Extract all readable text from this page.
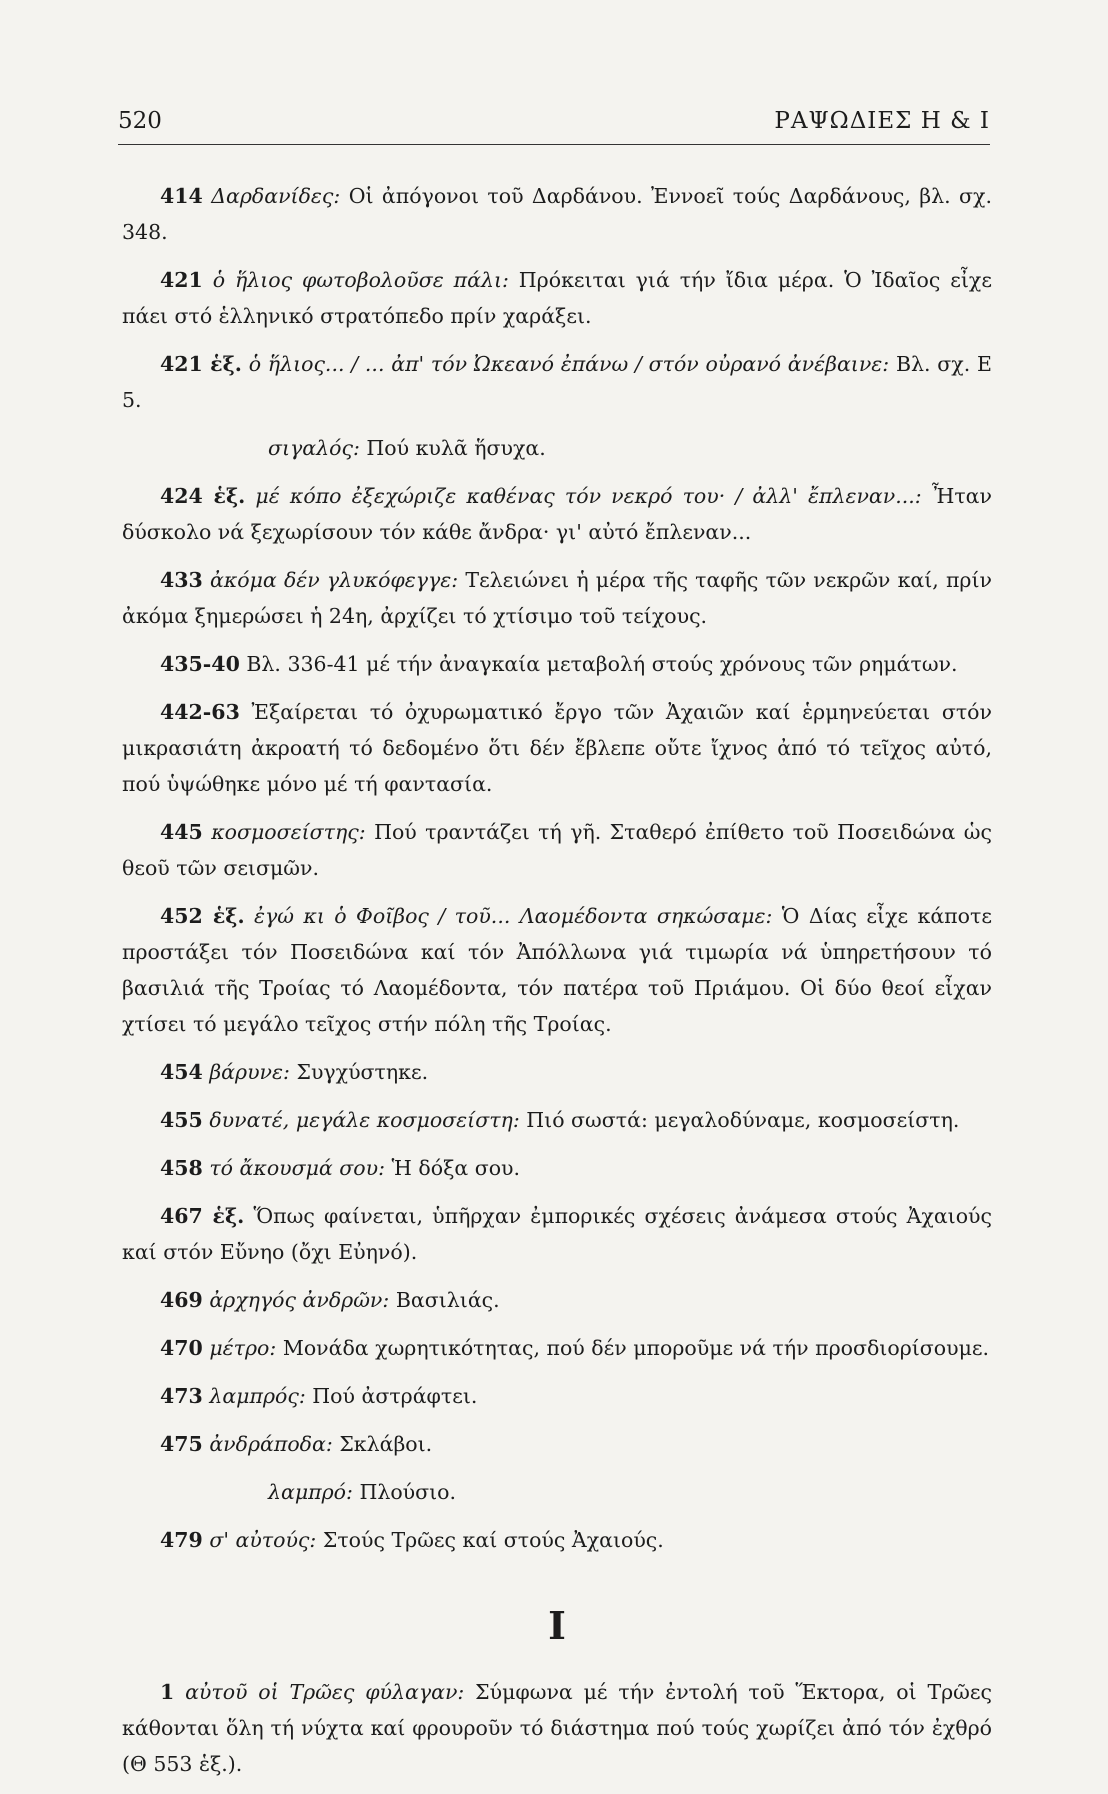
520	ΡΑΨΩΔΙΕΣ Η & Ι

414 Δαρδανίδες: Οἱ ἀπόγονοι τοῦ Δαρδάνου. Ἐννοεῖ τούς Δαρδάνους, βλ. σχ. 348.

421 ὁ ἥλιος φωτοβολοῦσε πάλι: Πρόκειται γιά τήν ἴδια μέρα. Ὁ Ἰδαῖος εἶχε πάει στό ἑλληνικό στρατόπεδο πρίν χαράξει.

421 ἑξ. ὁ ἥλιος... / ... ἀπ' τόν Ὠκεανό ἐπάνω / στόν οὐρανό ἀνέβαινε: Βλ. σχ. Ε 5.

σιγαλός: Πού κυλᾶ ἥσυχα.

424 ἑξ. μέ κόπο ἐξεχώριζε καθένας τόν νεκρό του· / ἀλλ' ἔπλεναν...: Ἦταν δύσκολο νά ξεχωρίσουν τόν κάθε ἄνδρα· γι' αὐτό ἔπλεναν...

433 ἀκόμα δέν γλυκόφεγγε: Τελειώνει ἡ μέρα τῆς ταφῆς τῶν νεκρῶν καί, πρίν ἀκόμα ξημερώσει ἡ 24η, ἀρχίζει τό χτίσιμο τοῦ τείχους.

435-40 Βλ. 336-41 μέ τήν ἀναγκαία μεταβολή στούς χρόνους τῶν ρημάτων.

442-63 Ἐξαίρεται τό ὀχυρωματικό ἔργο τῶν Ἀχαιῶν καί ἑρμηνεύεται στόν μικρασιάτη ἀκροατή τό δεδομένο ὅτι δέν ἔβλεπε οὔτε ἴχνος ἀπό τό τεῖχος αὐτό, πού ὑψώθηκε μόνο μέ τή φαντασία.

445 κοσμοσείστης: Πού τραντάζει τή γῆ. Σταθερό ἐπίθετο τοῦ Ποσειδώνα ὡς θεοῦ τῶν σεισμῶν.

452 ἑξ. ἐγώ κι ὁ Φοῖβος / τοῦ... Λαομέδοντα σηκώσαμε: Ὁ Δίας εἶχε κάποτε προστάξει τόν Ποσειδώνα καί τόν Ἀπόλλωνα γιά τιμωρία νά ὑπηρετήσουν τό βασιλιά τῆς Τροίας τό Λαομέδοντα, τόν πατέρα τοῦ Πριάμου. Οἱ δύο θεοί εἶχαν χτίσει τό μεγάλο τεῖχος στήν πόλη τῆς Τροίας.

454 βάρυνε: Συγχύστηκε.

455 δυνατέ, μεγάλε κοσμοσείστη: Πιό σωστά: μεγαλοδύναμε, κοσμοσείστη.

458 τό ἄκουσμά σου: Ἡ δόξα σου.

467 ἑξ. Ὅπως φαίνεται, ὑπῆρχαν ἐμπορικές σχέσεις ἀνάμεσα στούς Ἀχαιούς καί στόν Εὔνηο (ὄχι Εὐηνό).

469 ἀρχηγός ἀνδρῶν: Βασιλιάς.

470 μέτρο: Μονάδα χωρητικότητας, πού δέν μποροῦμε νά τήν προσδιορίσουμε.

473 λαμπρός: Πού ἀστράφτει.

475 ἀνδράποδα: Σκλάβοι.

λαμπρό: Πλούσιο.

479 σ' αὐτούς: Στούς Τρῶες καί στούς Ἀχαιούς.

Ι

1 αὐτοῦ οἱ Τρῶες φύλαγαν: Σύμφωνα μέ τήν ἐντολή τοῦ Ἕκτορα, οἱ Τρῶες κάθονται ὅλη τή νύχτα καί φρουροῦν τό διάστημα πού τούς χωρίζει ἀπό τόν ἐχθρό (Θ 553 ἑξ.).
